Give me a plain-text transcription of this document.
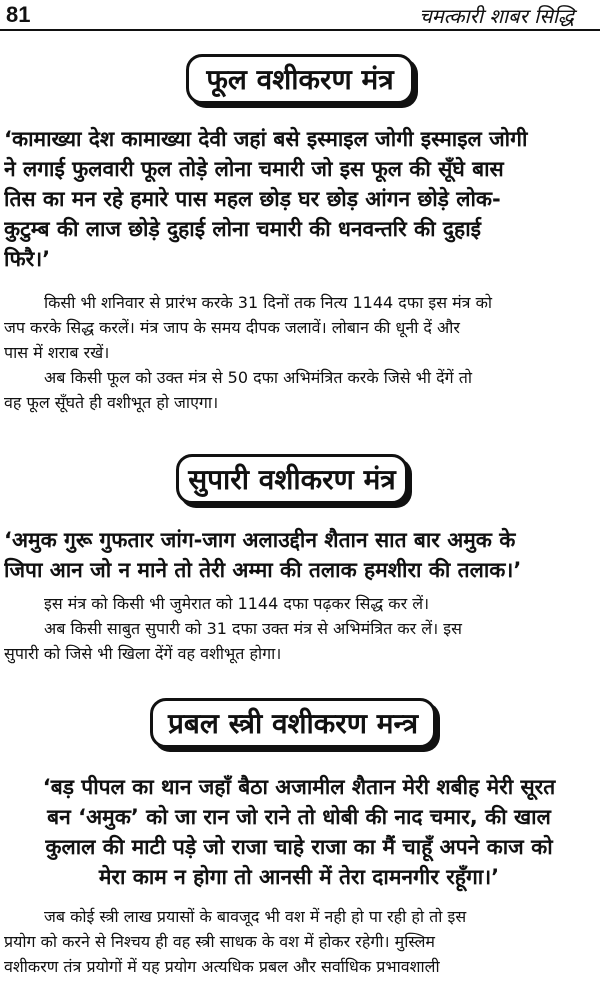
81	चमत्कारी शाबर सिद्धि
फूल वशीकरण मंत्र
‘कामाख्या देश कामाख्या देवी जहां बसे इस्माइल जोगी इस्माइल जोगी
ने लगाई फुलवारी फूल तोड़े लोना चमारी जो इस फूल की सूँघे बास
तिस का मन रहे हमारे पास महल छोड़ घर छोड़ आंगन छोड़े लोक-
कुटुम्ब की लाज छोड़े दुहाई लोना चमारी की धनवन्तरि की दुहाई
फिरै।’
किसी भी शनिवार से प्रारंभ करके 31 दिनों तक नित्य 1144 दफा इस मंत्र को
जप करके सिद्ध करलें। मंत्र जाप के समय दीपक जलावें। लोबान की धूनी दें और
पास में शराब रखें।
अब किसी फूल को उक्त मंत्र से 50 दफा अभिमंत्रित करके जिसे भी देंगें तो
वह फूल सूँघते ही वशीभूत हो जाएगा।
सुपारी वशीकरण मंत्र
‘अमुक गुरू गुफतार जांग-जाग अलाउद्दीन शैतान सात बार अमुक के
जिपा आन जो न माने तो तेरी अम्मा की तलाक हमशीरा की तलाक।’
इस मंत्र को किसी भी जुमेरात को 1144 दफा पढ़कर सिद्ध कर लें।
अब किसी साबुत सुपारी को 31 दफा उक्त मंत्र से अभिमंत्रित कर लें। इस
सुपारी को जिसे भी खिला देंगें वह वशीभूत होगा।
प्रबल स्त्री वशीकरण मन्त्र
‘बड़ पीपल का थान जहाँ बैठा अजामील शैतान मेरी शबीह मेरी सूरत
बन ‘अमुक’ को जा रान जो राने तो धोबी की नाद चमार, की खाल
कुलाल की माटी पड़े जो राजा चाहे राजा का मैं चाहूँ अपने काज को
मेरा काम न होगा तो आनसी में तेरा दामनगीर रहूँगा।’
जब कोई स्त्री लाख प्रयासों के बावजूद भी वश में नही हो पा रही हो तो इस
प्रयोग को करने से निश्चय ही वह स्त्री साधक के वश में होकर रहेगी। मुस्लिम
वशीकरण तंत्र प्रयोगों में यह प्रयोग अत्यधिक प्रबल और सर्वाधिक प्रभावशाली
